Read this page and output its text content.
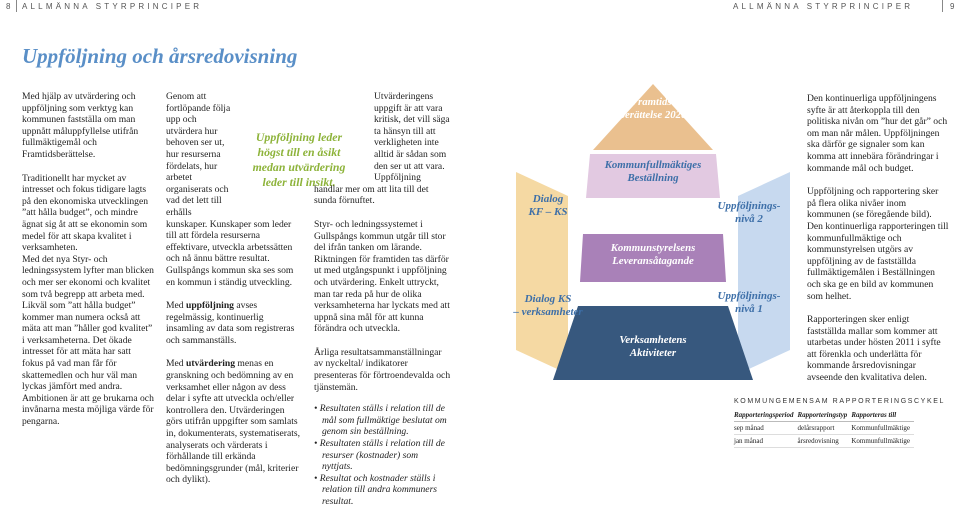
8 ALLMÄNNA STYRPRINCIPER	ALLMÄNNA STYRPRINCIPER	9
Uppföljning och årsredovisning

Med hjälp av utvärdering och uppföljning som verktyg kan kommunen fastställa om man uppnått måluppfyllelse utifrån fullmäktigemål och Framtidsberättelse.

Traditionellt har mycket av intresset och fokus tidigare lagts på den ekonomiska utvecklingen ”att hålla budget”, och mindre ägnat sig åt att se ekonomin som medel för att skapa kvalitet i verksamheten.

Med det nya Styr- och ledningssystem lyfter man blicken och mer ser ekonomi och kvalitet som två begrepp att arbeta med. Likväl som ”att hålla budget” kommer man numera också att mäta att man ”håller god kvalitet” i verksamheterna. Det ökade intresset för att mäta har satt fokus på vad man får för skattemedlen och hur väl man lyckas jämfört med andra. Ambitionen är att ge brukarna och invånarna mesta möjliga värde för pengarna.

Genom att fortlöpande följa upp och utvärdera hur behoven ser ut, hur resurserna fördelats, hur arbetet organiserats och vad det lett till erhålls kunskaper. Kunskaper som leder till att fördela resurserna effektivare, utveckla arbetssätten och nå ännu bättre resultat. Gullspångs kommun ska ses som en kommun i ständig utveckling.

Med uppföljning avses regelmässig, kontinuerlig insamling av data som registreras och sammanställs.

Med utvärdering menas en granskning och bedömning av en verksamhet eller någon av dess delar i syfte att utveckla och/eller kontrollera den. Utvärderingen görs utifrån uppgifter som samlats in, dokumenterats, systematiserats, analyserats och värderats i förhållande till erkända bedömningsgrunder (mål, kriterier och dylikt).

Uppföljning leder
högst till en åsikt
medan utvärdering
leder till insikt.

Utvärderingens uppgift är att vara kritisk, det vill säga ta hänsyn till att verkligheten inte alltid är sådan som den ser ut att vara. Uppföljning handlar mer om att lita till det sunda förnuftet.

Styr- och ledningssystemet i Gullspångs kommun utgår till stor del ifrån tanken om lärande. Riktningen för framtiden tas därför ut med utgångspunkt i uppföljning och utvärdering. Enkelt uttryckt, man tar reda på hur de olika verksamheterna har lyckats med att uppnå sina mål för att kunna förändra och utveckla.

Årliga resultatsammanställningar av nyckeltal/ indikatorer presenteras för förtroendevalda och tjänstemän.

• Resultaten ställs i relation till de mål som fullmäktige beslutat om genom sin beställning.
• Resultaten ställs i relation till de resurser (kostnader) som nyttjats.
• Resultat och kostnader ställs i relation till andra kommuners resultat.
Framtids-
berättelse 2020
Kommunfullmäktiges
Beställning
Kommunstyrelsens
Leveransåtagande
Verksamhetens
Aktiviteter
Dialog
KF – KS
Dialog KS
– verksamheter
Uppföljnings-
nivå 2
Uppföljnings-
nivå 1

Den kontinuerliga uppföljningens syfte är att återkoppla till den politiska nivån om ”hur det går” och om man når målen. Uppföljningen ska därför ge signaler som kan komma att innebära förändringar i kommande mål och budget.

Uppföljning och rapportering sker på flera olika nivåer inom kommunen (se föregående bild). Den kontinuerliga rapporteringen till kommunfullmäktige och kommunstyrelsen utgörs av uppföljning av de fastställda fullmäktigemålen i Beställningen och ska ge en bild av kommunen som helhet.

Rapporteringen sker enligt fastställda mallar som kommer att utarbetas under hösten 2011 i syfte att förenkla och underlätta för kommande årsredovisningar avseende den kvalitativa delen.

KOMMUNGEMENSAM RAPPORTERINGSCYKEL
Rapporteringsperiod	Rapporteringstyp	Rapporteras till
sep månad	delårsrapport	Kommunfullmäktige
jan månad	årsredovisning	Kommunfullmäktige
